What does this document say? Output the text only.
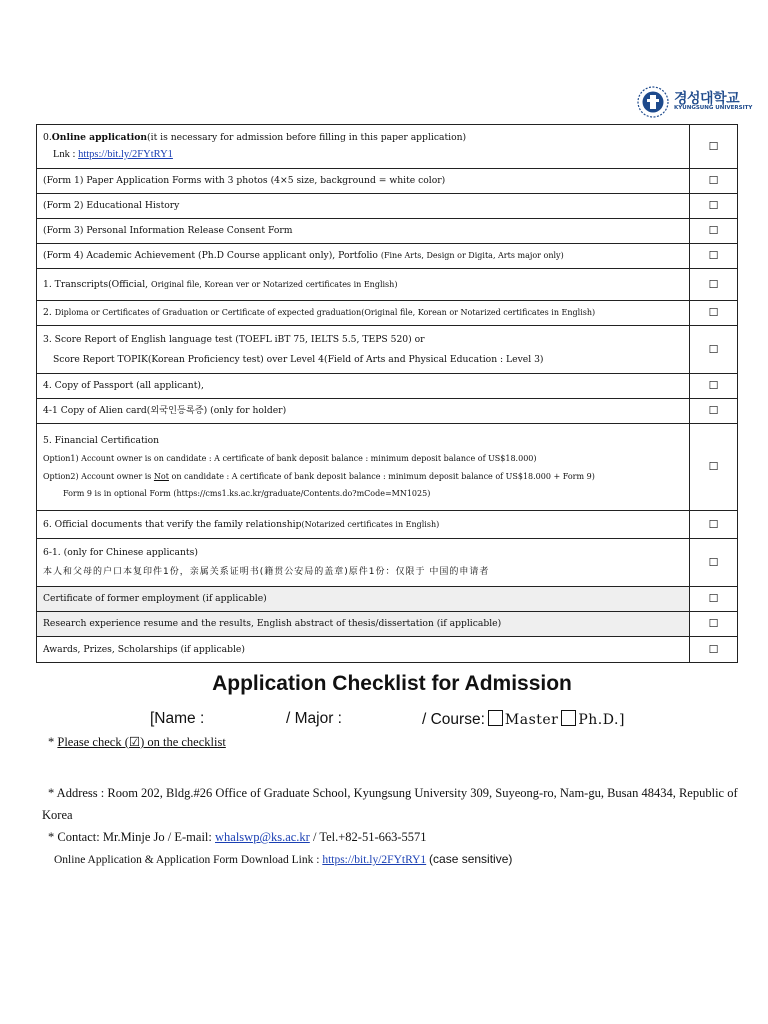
경성대학교
KYUNGSUNG UNIVERSITY
0.Online application(it is necessary for admission before filling in this paper application)
Lnk : https://bit.ly/2FYtRY1	☐
(Form 1) Paper Application Forms with 3 photos (4×5 size, background = white color)	☐
(Form 2) Educational History	☐
(Form 3) Personal Information Release Consent Form	☐
(Form 4) Academic Achievement (Ph.D Course applicant only), Portfolio (Fine Arts, Design or Digita, Arts major only)	☐
1. Transcripts(Official, Original file, Korean ver or Notarized certificates in English)	☐
2. Diploma or Certificates of Graduation or Certificate of expected graduation(Original file, Korean or Notarized certificates in English)	☐

3. Score Report of English language test (TOEFL iBT 75, IELTS 5.5, TEPS 520) or
Score Report TOPIK(Korean Proficiency test) over Level 4(Field of Arts and Physical Education : Level 3)	☐
4. Copy of Passport (all applicant),	☐
4-1 Copy of Alien card(외국인등록증) (only for holder)	☐

5. Financial Certification
Option1) Account owner is on candidate : A certificate of bank deposit balance : minimum deposit balance of US$18.000)
Option2) Account owner is Not on candidate : A certificate of bank deposit balance : minimum deposit balance of US$18.000 + Form 9)
Form 9 is in optional Form (https://cms1.ks.ac.kr/graduate/Contents.do?mCode=MN1025)	☐
6. Official documents that verify the family relationship(Notarized certificates in English)	☐

6-1. (only for Chinese applicants)
本人和父母的户口本复印件1份，亲属关系证明书(籍贯公安局的盖章)原件1份：仅限于 中国的申请者	☐
Certificate of former employment (if applicable)	☐
Research experience resume and the results, English abstract of thesis/dissertation (if applicable)	☐
Awards, Prizes, Scholarships (if applicable)	☐
Application Checklist for Admission
[Name :	/ Major :	/ Course: Master Ph.D.]
* Please check (☑) on the checklist
* Address : Room 202, Bldg.#26 Office of Graduate School, Kyungsung University 309, Suyeong-ro, Nam-gu, Busan 48434, Republic of
Korea
* Contact: Mr.Minje Jo / E-mail: whalswp@ks.ac.kr / Tel.+82-51-663-5571
Online Application & Application Form Download Link : https://bit.ly/2FYtRY1 (case sensitive)
